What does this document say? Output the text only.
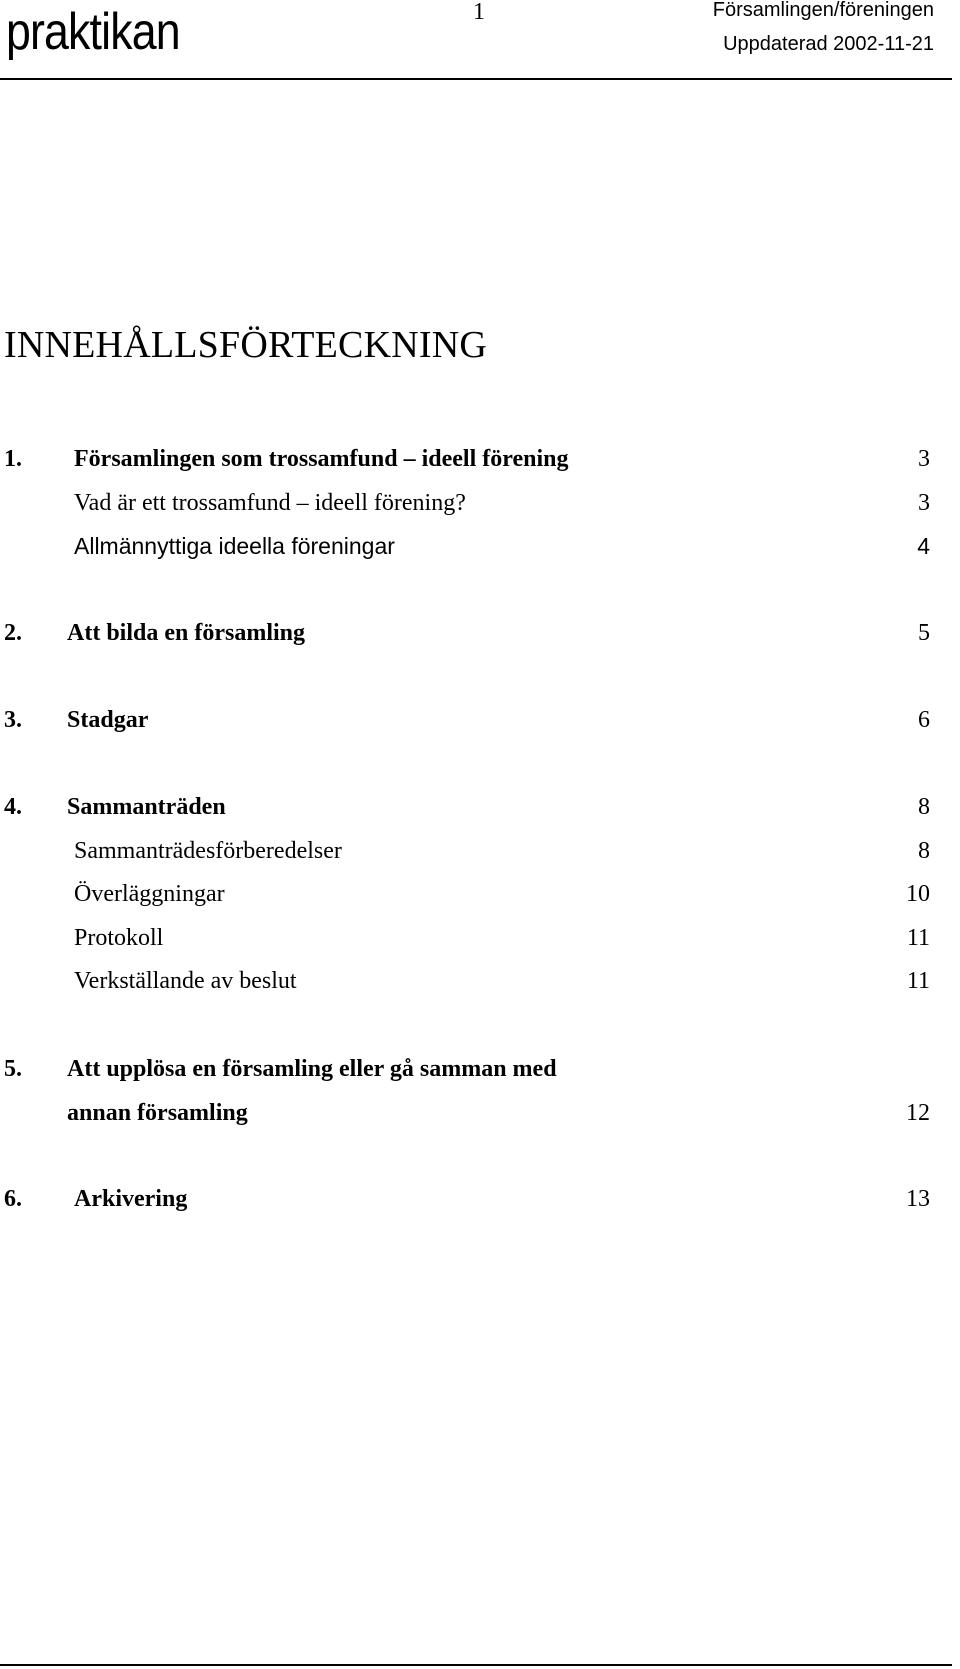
praktikan	1	Församlingen/föreningen
Uppdaterad 2002-11-21
INNEHÅLLSFÖRTECKNING
1. Församlingen som trossamfund – ideell förening	3
Vad är ett trossamfund – ideell förening?	3
Allmännyttiga ideella föreningar	4
2. Att bilda en församling	5
3. Stadgar	6
4. Sammanträden	8
Sammanträdesförberedelser	8
Överläggningar	10
Protokoll	11
Verkställande av beslut	11
5. Att upplösa en församling eller gå samman med
annan församling	12
6. Arkivering	13
